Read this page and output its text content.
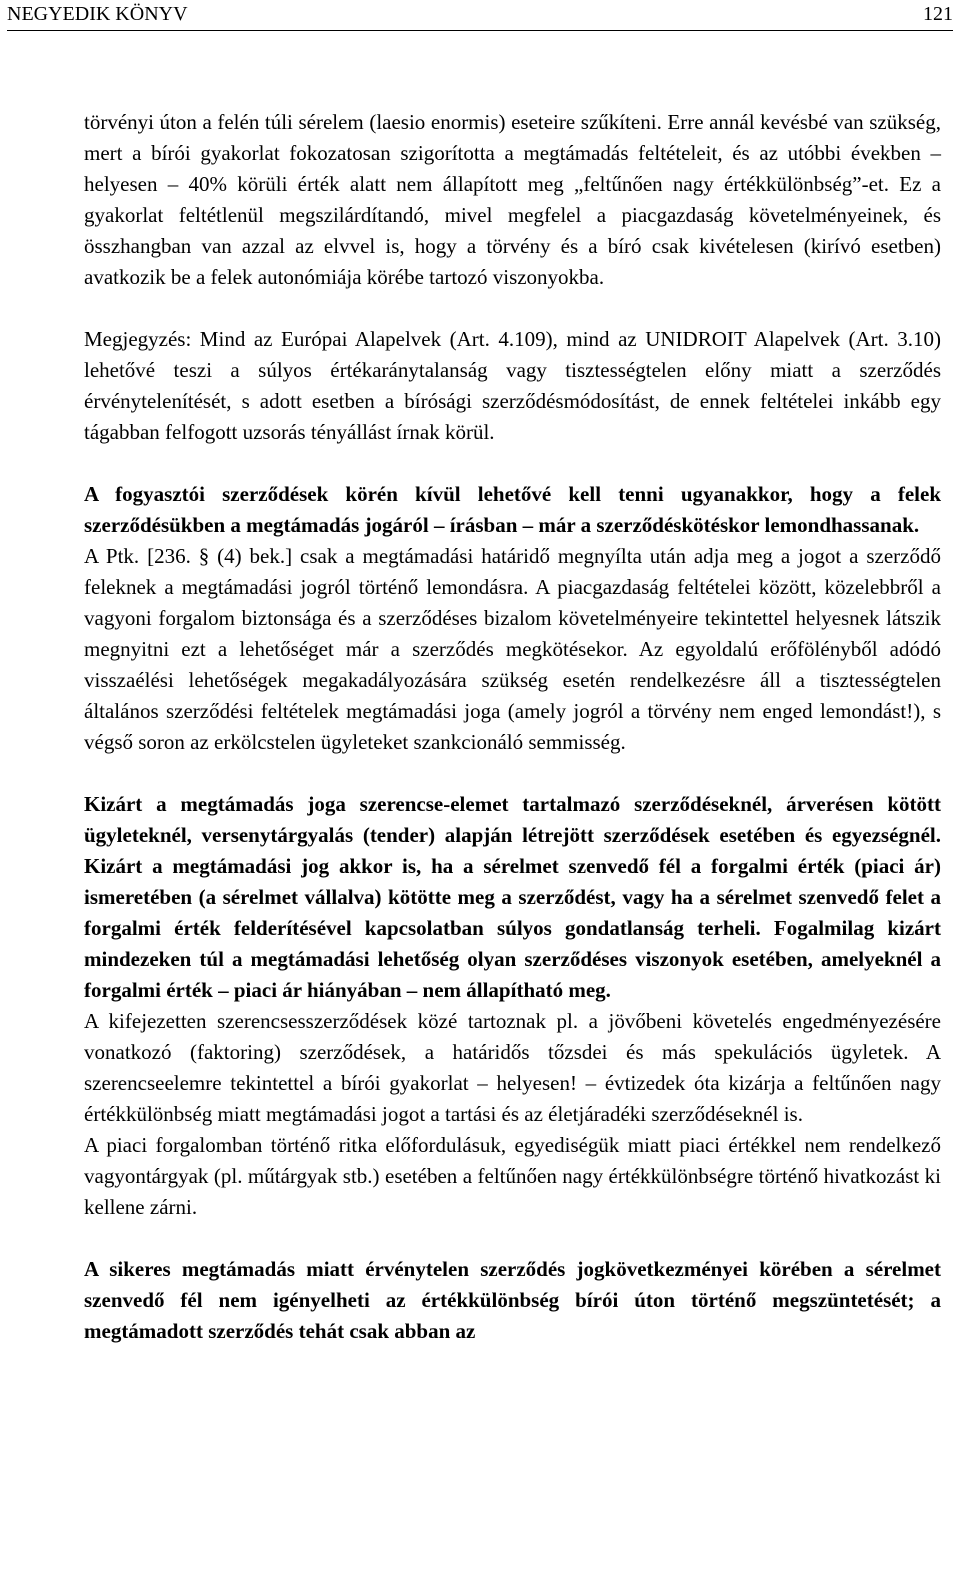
NEGYEDIK KÖNYV	121

törvényi úton a felén túli sérelem (laesio enormis) eseteire szűkíteni. Erre annál kevésbé van szükség, mert a bírói gyakorlat fokozatosan szigorította a megtámadás feltételeit, és az utóbbi években – helyesen – 40% körüli érték alatt nem állapított meg „feltűnően nagy értékkülönbség”-et. Ez a gyakorlat feltétlenül megszilárdítandó, mivel megfelel a piacgazdaság követelményeinek, és összhangban van azzal az elvvel is, hogy a törvény és a bíró csak kivételesen (kirívó esetben) avatkozik be a felek autonómiája körébe tartozó viszonyokba.

Megjegyzés: Mind az Európai Alapelvek (Art. 4.109), mind az UNIDROIT Alapelvek (Art. 3.10) lehetővé teszi a súlyos értékaránytalanság vagy tisztességtelen előny miatt a szerződés érvénytelenítését, s adott esetben a bírósági szerződésmódosítást, de ennek feltételei inkább egy tágabban felfogott uzsorás tényállást írnak körül.

A fogyasztói szerződések körén kívül lehetővé kell tenni ugyanakkor, hogy a felek szerződésükben a megtámadás jogáról – írásban – már a szerződéskötéskor lemondhassanak.

A Ptk. [236. § (4) bek.] csak a megtámadási határidő megnyílta után adja meg a jogot a szerződő feleknek a megtámadási jogról történő lemondásra. A piacgazdaság feltételei között, közelebbről a vagyoni forgalom biztonsága és a szerződéses bizalom követelményeire tekintettel helyesnek látszik megnyitni ezt a lehetőséget már a szerződés megkötésekor. Az egyoldalú erőfölényből adódó visszaélési lehetőségek megakadályozására szükség esetén rendelkezésre áll a tisztességtelen általános szerződési feltételek megtámadási joga (amely jogról a törvény nem enged lemondást!), s végső soron az erkölcstelen ügyleteket szankcionáló semmisség.

Kizárt a megtámadás joga szerencse-elemet tartalmazó szerződéseknél, árverésen kötött ügyleteknél, versenytárgyalás (tender) alapján létrejött szerződések esetében és egyezségnél. Kizárt a megtámadási jog akkor is, ha a sérelmet szenvedő fél a forgalmi érték (piaci ár) ismeretében (a sérelmet vállalva) kötötte meg a szerződést, vagy ha a sérelmet szenvedő felet a forgalmi érték felderítésével kapcsolatban súlyos gondatlanság terheli. Fogalmilag kizárt mindezeken túl a megtámadási lehetőség olyan szerződéses viszonyok esetében, amelyeknél a forgalmi érték – piaci ár hiányában – nem állapítható meg.

A kifejezetten szerencsesszerződések közé tartoznak pl. a jövőbeni követelés engedményezésére vonatkozó (faktoring) szerződések, a határidős tőzsdei és más spekulációs ügyletek. A szerencseelemre tekintettel a bírói gyakorlat – helyesen! – évtizedek óta kizárja a feltűnően nagy értékkülönbség miatt megtámadási jogot a tartási és az életjáradéki szerződéseknél is.

A piaci forgalomban történő ritka előfordulásuk, egyediségük miatt piaci értékkel nem rendelkező vagyontárgyak (pl. műtárgyak stb.) esetében a feltűnően nagy értékkülönbségre történő hivatkozást ki kellene zárni.

A sikeres megtámadás miatt érvénytelen szerződés jogkövetkezményei körében a sérelmet szenvedő fél nem igényelheti az értékkülönbség bírói úton történő megszüntetését; a megtámadott szerződés tehát csak abban az
